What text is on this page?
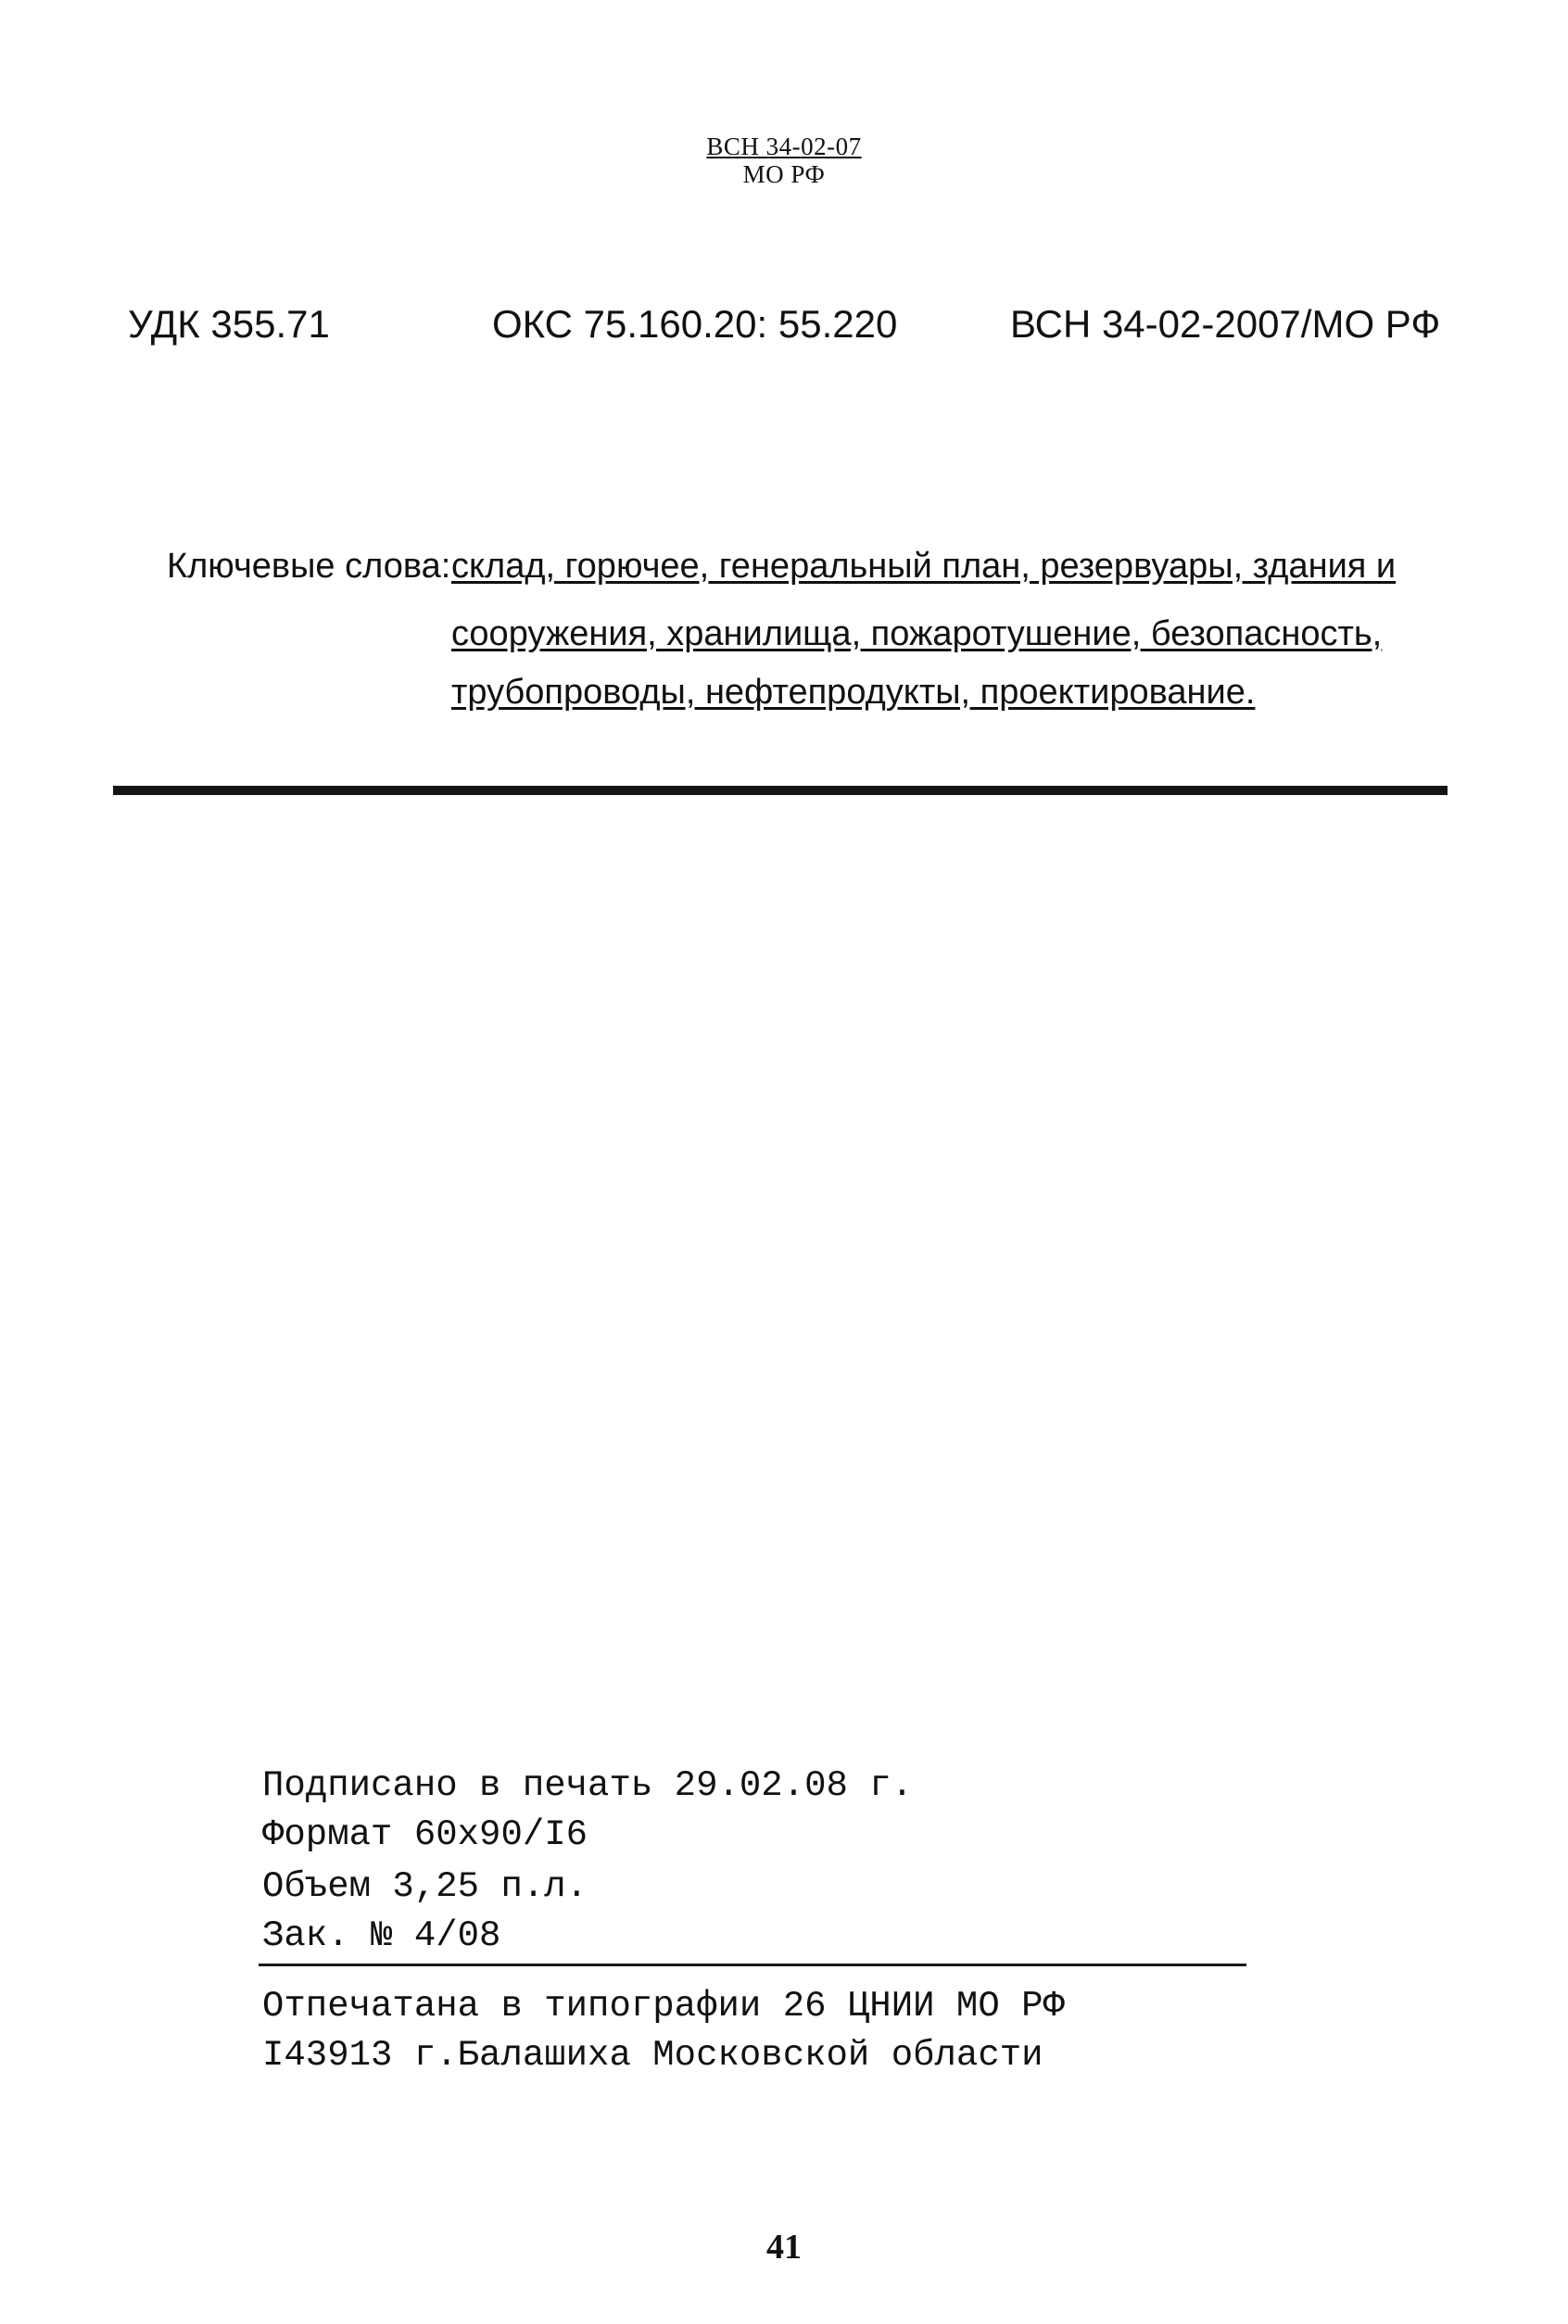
ВСН 34-02-07
МО РФ
УДК 355.71	ОКС 75.160.20: 55.220	ВСН 34-02-2007/МО РФ
Ключевые слова: склад, горючее, генеральный план, резервуары, здания и
сооружения, хранилища, пожаротушение, безопасность,
трубопроводы, нефтепродукты, проектирование.
Подписано в печать 29.02.08 г.
Формат 60x90/I6
Объем 3,25 п.л.
Зак. № 4/08
Отпечатана в типографии 26 ЦНИИ МО РФ
I43913 г.Балашиха Московской области
41
